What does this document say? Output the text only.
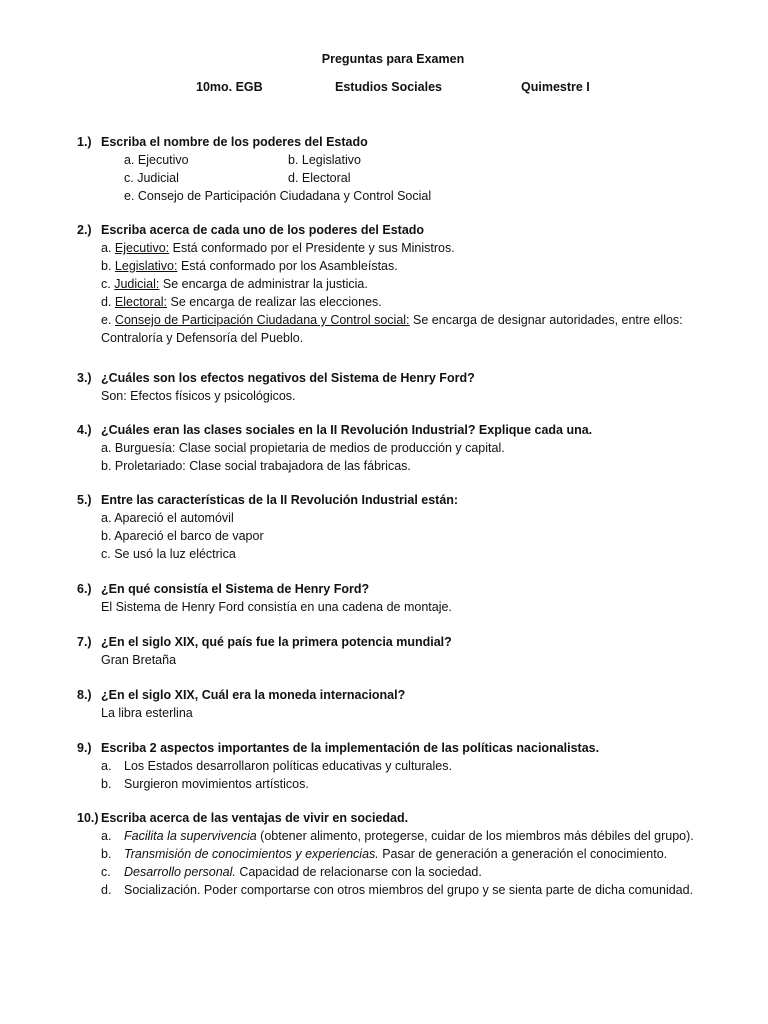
Preguntas para Examen
10mo. EGB	Estudios Sociales	Quimestre I
1.) Escriba el nombre de los poderes del Estado
a. Ejecutivo	b. Legislativo
c. Judicial	d. Electoral
e. Consejo de Participación Ciudadana y Control Social
2.) Escriba acerca de cada uno de los poderes del Estado
a. Ejecutivo: Está conformado por el Presidente y sus Ministros.
b. Legislativo: Está conformado por los Asambleístas.
c. Judicial: Se encarga de administrar la justicia.
d. Electoral: Se encarga de realizar las elecciones.
e. Consejo de Participación Ciudadana y Control social: Se encarga de designar autoridades, entre ellos:
Contraloría y Defensoría del Pueblo.
3.) ¿Cuáles son los efectos negativos del Sistema de Henry Ford?
Son: Efectos físicos y psicológicos.
4.) ¿Cuáles eran las clases sociales en la II Revolución Industrial? Explique cada una.
a. Burguesía: Clase social propietaria de medios de producción y capital.
b. Proletariado: Clase social trabajadora de las fábricas.
5.) Entre las características de la II Revolución Industrial están:
a. Apareció el automóvil
b. Apareció el barco de vapor
c. Se usó la luz eléctrica
6.) ¿En qué consistía el Sistema de Henry Ford?
El Sistema de Henry Ford consistía en una cadena de montaje.
7.) ¿En el siglo XIX, qué país fue la primera potencia mundial?
Gran Bretaña
8.) ¿En el siglo XIX, Cuál era la moneda internacional?
La libra esterlina
9.) Escriba 2 aspectos importantes de la implementación de las políticas nacionalistas.
a.	Los Estados desarrollaron políticas educativas y culturales.
b.	Surgieron movimientos artísticos.
10.) Escriba acerca de las ventajas de vivir en sociedad.
a.	Facilita la supervivencia (obtener alimento, protegerse, cuidar de los miembros más débiles del grupo).
b.	Transmisión de conocimientos y experiencias. Pasar de generación a generación el conocimiento.
c.	Desarrollo personal. Capacidad de relacionarse con la sociedad.
d.	Socialización. Poder comportarse con otros miembros del grupo y se sienta parte de dicha comunidad.
